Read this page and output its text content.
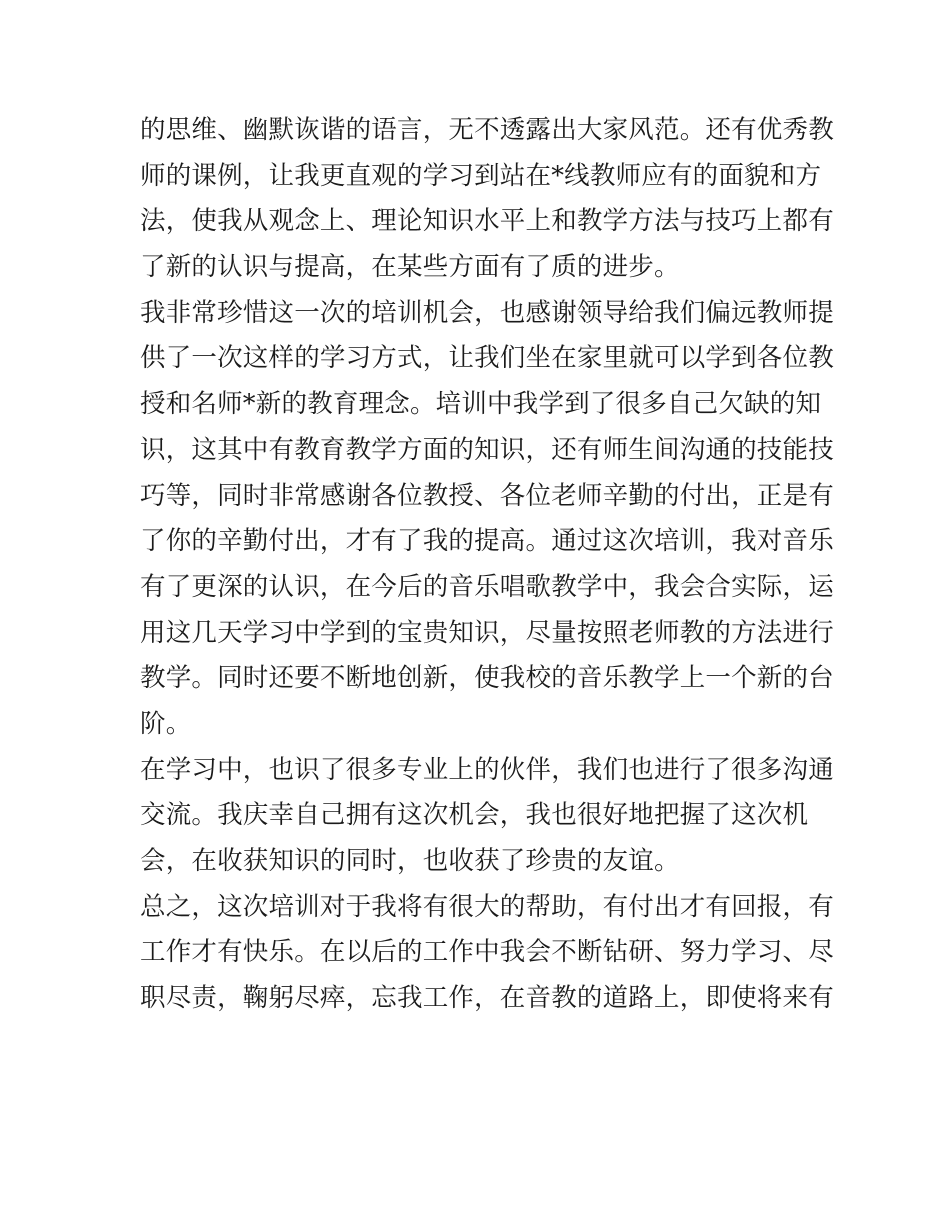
的思维、幽默诙谐的语言，无不透露出大家风范。还有优秀教
师的课例，让我更直观的学习到站在*线教师应有的面貌和方
法，使我从观念上、理论知识水平上和教学方法与技巧上都有
了新的认识与提高，在某些方面有了质的进步。
我非常珍惜这一次的培训机会，也感谢领导给我们偏远教师提
供了一次这样的学习方式，让我们坐在家里就可以学到各位教
授和名师*新的教育理念。培训中我学到了很多自己欠缺的知
识，这其中有教育教学方面的知识，还有师生间沟通的技能技
巧等，同时非常感谢各位教授、各位老师辛勤的付出，正是有
了你的辛勤付出，才有了我的提高。通过这次培训，我对音乐
有了更深的认识，在今后的音乐唱歌教学中，我会合实际，运
用这几天学习中学到的宝贵知识，尽量按照老师教的方法进行
教学。同时还要不断地创新，使我校的音乐教学上一个新的台
阶。
在学习中，也识了很多专业上的伙伴，我们也进行了很多沟通
交流。我庆幸自己拥有这次机会，我也很好地把握了这次机
会，在收获知识的同时，也收获了珍贵的友谊。
总之，这次培训对于我将有很大的帮助，有付出才有回报，有
工作才有快乐。在以后的工作中我会不断钻研、努力学习、尽
职尽责，鞠躬尽瘁，忘我工作，在音教的道路上，即使将来有
